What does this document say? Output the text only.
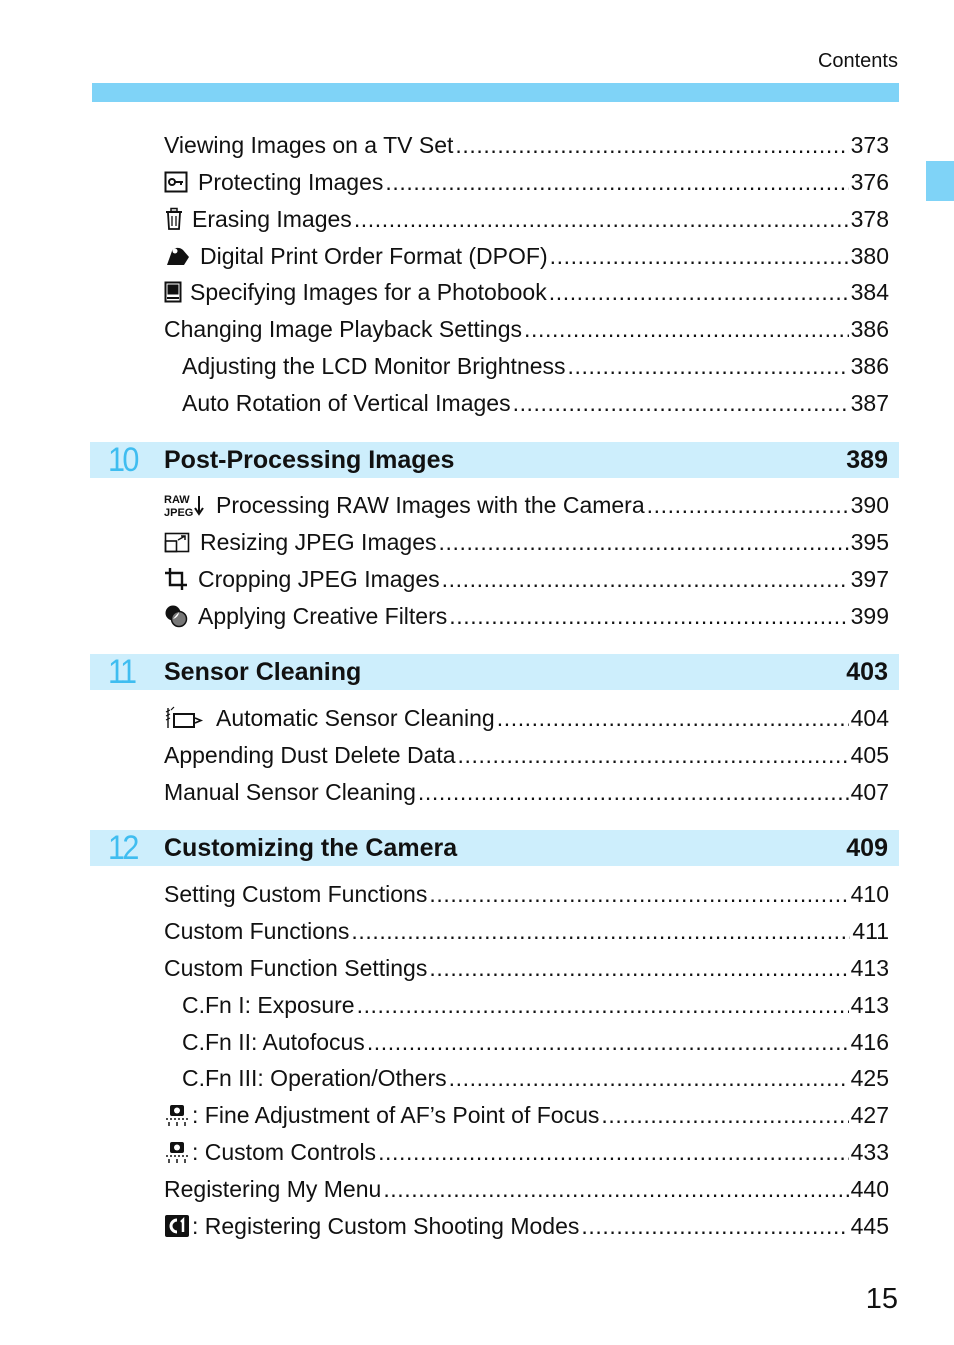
Contents
Viewing Images on a TV Set .....	373
Protecting Images .....	376
Erasing Images .....	378
Digital Print Order Format (DPOF) .....	380
Specifying Images for a Photobook .....	384
Changing Image Playback Settings .....	386
Adjusting the LCD Monitor Brightness .....	386
Auto Rotation of Vertical Images .....	387
10 Post-Processing Images	389
RAW
JPEG Processing RAW Images with the Camera .....	390
Resizing JPEG Images .....	395
Cropping JPEG Images .....	397
Applying Creative Filters .....	399
11 Sensor Cleaning	403
Automatic Sensor Cleaning .....	404
Appending Dust Delete Data .....	405
Manual Sensor Cleaning .....	407
12 Customizing the Camera	409
Setting Custom Functions .....	410
Custom Functions .....	411
Custom Function Settings .....	413
C.Fn I: Exposure .....	413
C.Fn II: Autofocus .....	416
C.Fn III: Operation/Others .....	425
: Fine Adjustment of AF’s Point of Focus .....	427
: Custom Controls .....	433
Registering My Menu .....	440
: Registering Custom Shooting Modes .....	445
15
